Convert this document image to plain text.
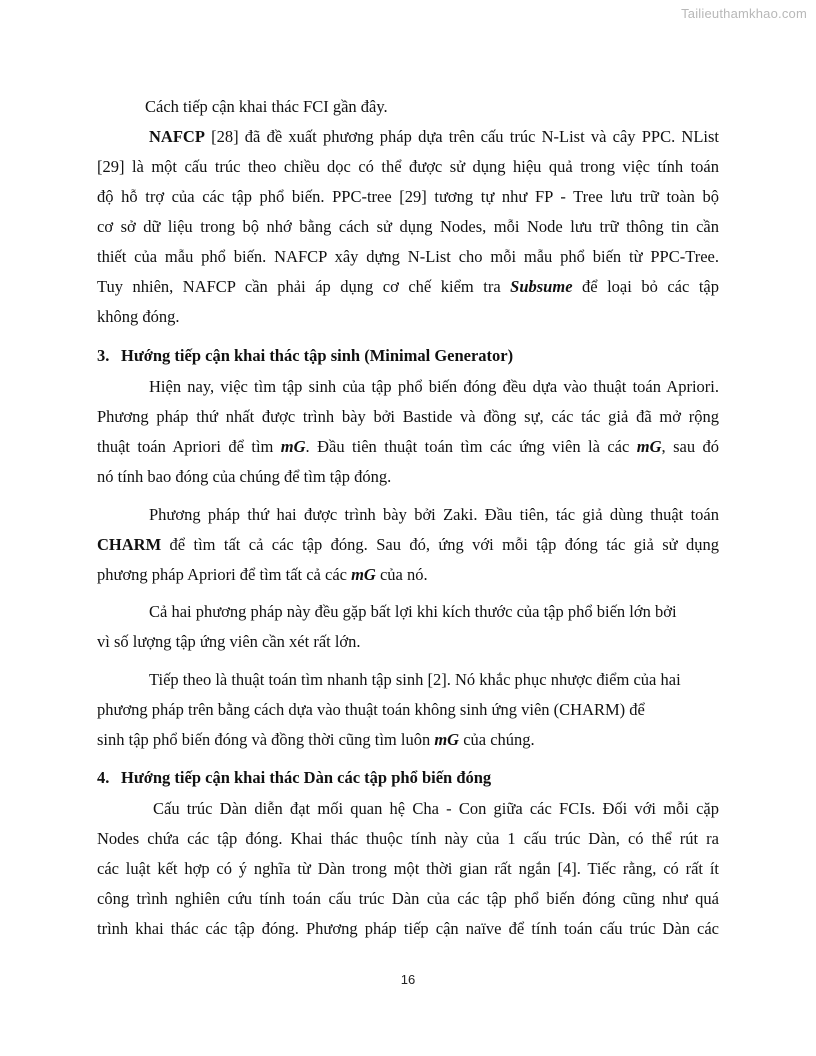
Tailieuthamkhao.com
Cách tiếp cận khai thác FCI gần đây.
NAFCP [28] đã đề xuất phương pháp dựa trên cấu trúc N-List và cây PPC. NList
[29] là một cấu trúc theo chiều dọc có thể được sử dụng hiệu quả trong việc tính toán
độ hỗ trợ của các tập phổ biến. PPC-tree [29] tương tự như FP - Tree lưu trữ toàn bộ
cơ sở dữ liệu trong bộ nhớ bằng cách sử dụng Nodes, mỗi Node lưu trữ thông tin cần
thiết của mẫu phổ biến. NAFCP xây dựng N-List cho mỗi mẫu phổ biến từ PPC-Tree.
Tuy nhiên, NAFCP cần phải áp dụng cơ chế kiểm tra Subsume để loại bỏ các tập
không đóng.
3. Hướng tiếp cận khai thác tập sinh (Minimal Generator)
Hiện nay, việc tìm tập sinh của tập phổ biến đóng đều dựa vào thuật toán Apriori.
Phương pháp thứ nhất được trình bày bởi Bastide và đồng sự, các tác giả đã mở rộng
thuật toán Apriori để tìm mG. Đầu tiên thuật toán tìm các ứng viên là các mG, sau đó
nó tính bao đóng của chúng để tìm tập đóng.
Phương pháp thứ hai được trình bày bởi Zaki. Đầu tiên, tác giả dùng thuật toán
CHARM để tìm tất cả các tập đóng. Sau đó, ứng với mỗi tập đóng tác giả sử dụng
phương pháp Apriori để tìm tất cả các mG của nó.
Cả hai phương pháp này đều gặp bất lợi khi kích thước của tập phổ biến lớn bởi
vì số lượng tập ứng viên cần xét rất lớn.
Tiếp theo là thuật toán tìm nhanh tập sinh [2]. Nó khắc phục nhược điểm của hai
phương pháp trên bằng cách dựa vào thuật toán không sinh ứng viên (CHARM) để
sinh tập phổ biến đóng và đồng thời cũng tìm luôn mG của chúng.
4. Hướng tiếp cận khai thác Dàn các tập phổ biến đóng
Cấu trúc Dàn diễn đạt mối quan hệ Cha - Con giữa các FCIs. Đối với mỗi cặp
Nodes chứa các tập đóng. Khai thác thuộc tính này của 1 cấu trúc Dàn, có thể rút ra
các luật kết hợp có ý nghĩa từ Dàn trong một thời gian rất ngắn [4]. Tiếc rằng, có rất ít
công trình nghiên cứu tính toán cấu trúc Dàn của các tập phổ biến đóng cũng như quá
trình khai thác các tập đóng. Phương pháp tiếp cận naïve để tính toán cấu trúc Dàn các
16
